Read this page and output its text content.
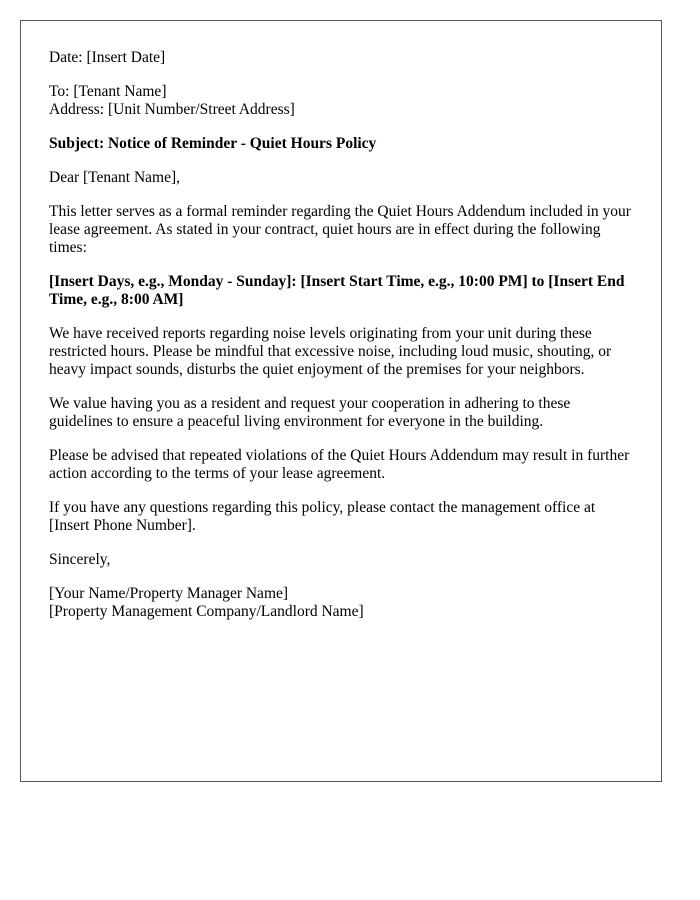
Date: [Insert Date]

To: [Tenant Name]
Address: [Unit Number/Street Address]

Subject: Notice of Reminder - Quiet Hours Policy

Dear [Tenant Name],

This letter serves as a formal reminder regarding the Quiet Hours Addendum included in your lease agreement. As stated in your contract, quiet hours are in effect during the following times:

[Insert Days, e.g., Monday - Sunday]: [Insert Start Time, e.g., 10:00 PM] to [Insert End Time, e.g., 8:00 AM]

We have received reports regarding noise levels originating from your unit during these restricted hours. Please be mindful that excessive noise, including loud music, shouting, or heavy impact sounds, disturbs the quiet enjoyment of the premises for your neighbors.

We value having you as a resident and request your cooperation in adhering to these guidelines to ensure a peaceful living environment for everyone in the building.

Please be advised that repeated violations of the Quiet Hours Addendum may result in further action according to the terms of your lease agreement.

If you have any questions regarding this policy, please contact the management office at [Insert Phone Number].

Sincerely,

[Your Name/Property Manager Name]
[Property Management Company/Landlord Name]
